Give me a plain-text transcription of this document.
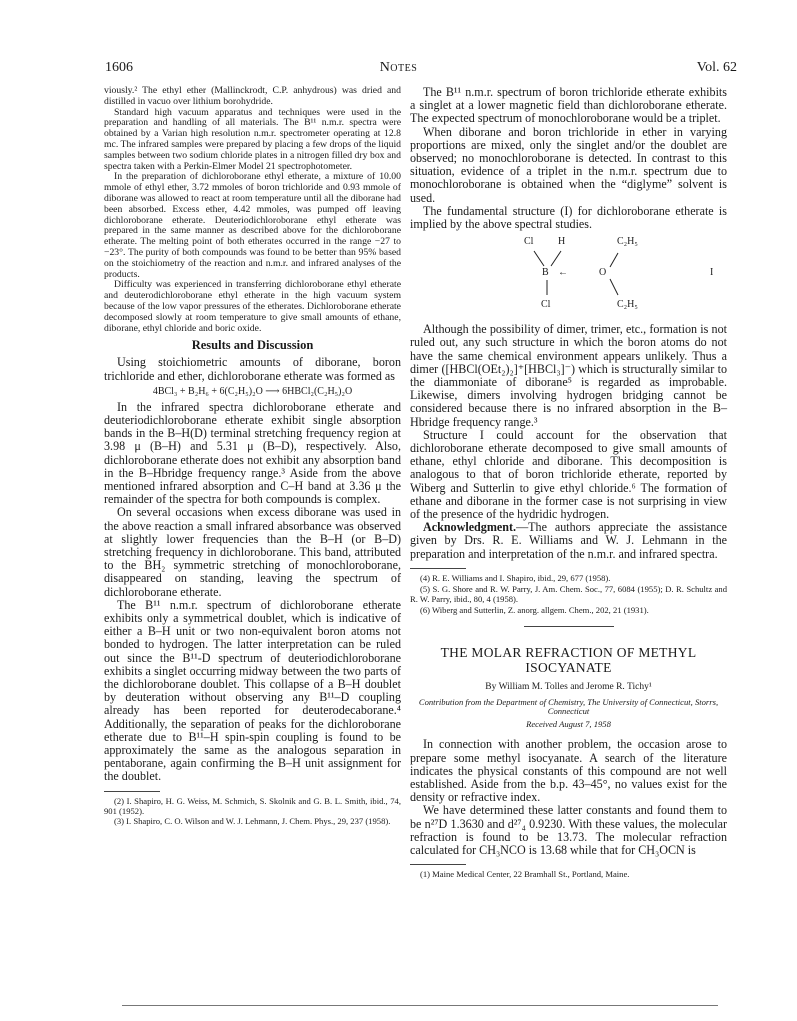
1606	Notes	Vol. 62

viously.² The ethyl ether (Mallinckrodt, C.P. anhydrous) was dried and distilled in vacuo over lithium borohydride.

Standard high vacuum apparatus and techniques were used in the preparation and handling of all materials. The B¹¹ n.m.r. spectra were obtained by a Varian high resolution n.m.r. spectrometer operating at 12.8 mc. The infrared samples were prepared by placing a few drops of the liquid samples between two sodium chloride plates in a nitrogen filled dry box and spectra taken with a Perkin-Elmer Model 21 spectrophotometer.

In the preparation of dichloroborane ethyl etherate, a mixture of 10.00 mmole of ethyl ether, 3.72 mmoles of boron trichloride and 0.93 mmole of diborane was allowed to react at room temperature until all the diborane had been absorbed. Excess ether, 4.42 mmoles, was pumped off leaving dichloroborane etherate. Deuteriodichloroborane ethyl etherate was prepared in the same manner as described above for the dichloroborane etherate. The melting point of both etherates occurred in the range −27 to −23°. The purity of both compounds was found to be better than 95% based on the stoichiometry of the reaction and n.m.r. and infrared analyses of the products.

Difficulty was experienced in transferring dichloroborane ethyl etherate and deuterodichloroborane ethyl etherate in the high vacuum system because of the low vapor pressures of the etherates. Dichloroborane etherate decomposed slowly at room temperature to give small amounts of ethane, diborane, ethyl chloride and boric oxide.

Results and Discussion

Using stoichiometric amounts of diborane, boron trichloride and ether, dichloroborane etherate was formed as

4BCl₃ + B₂H₆ + 6(C₂H₅)₂O ⟶ 6HBCl₂(C₂H₅)₂O

In the infrared spectra dichloroborane etherate and deuteriodichloroborane etherate exhibit single absorption bands in the B–H(D) terminal stretching frequency region at 3.98 μ (B–H) and 5.31 μ (B–D), respectively. Also, dichloroborane etherate does not exhibit any absorption band in the B–Hbridge frequency range.³ Aside from the above mentioned infrared absorption and C–H band at 3.36 μ the remainder of the spectra for both compounds is complex.

On several occasions when excess diborane was used in the above reaction a small infrared absorbance was observed at slightly lower frequencies than the B–H (or B–D) stretching frequency in dichloroborane. This band, attributed to the BH₂ symmetric stretching of monochloroborane, disappeared on standing, leaving the spectrum of dichloroborane etherate.

The B¹¹ n.m.r. spectrum of dichloroborane etherate exhibits only a symmetrical doublet, which is indicative of either a B–H unit or two non-equivalent boron atoms not bonded to hydrogen. The latter interpretation can be ruled out since the B¹¹-D spectrum of deuteriodichloroborane exhibits a singlet occurring midway between the two parts of the dichloroborane doublet. This collapse of a B–H doublet by deuteration without observing any B¹¹–D coupling already has been reported for deuterodecaborane.⁴ Additionally, the separation of peaks for the dichloroborane etherate due to B¹¹–H spin-spin coupling is found to be approximately the same as the analogous separation in pentaborane, again confirming the B–H unit assignment for the doublet.

(2) I. Shapiro, H. G. Weiss, M. Schmich, S. Skolnik and G. B. L. Smith, ibid., 74, 901 (1952).

(3) I. Shapiro, C. O. Wilson and W. J. Lehmann, J. Chem. Phys., 29, 237 (1958).

The B¹¹ n.m.r. spectrum of boron trichloride etherate exhibits a singlet at a lower magnetic field than dichloroborane etherate. The expected spectrum of monochloroborane would be a triplet.

When diborane and boron trichloride in ether in varying proportions are mixed, only the singlet and/or the doublet are observed; no monochloroborane is detected. In contrast to this situation, evidence of a triplet in the n.m.r. spectrum due to monochloroborane is obtained when the “diglyme” solvent is used.

The fundamental structure (I) for dichloroborane etherate is implied by the above spectral studies.

Cl H	C₂H₅
B ←	O	I
Cl	C₂H₅

Although the possibility of dimer, trimer, etc., formation is not ruled out, any such structure in which the boron atoms do not have the same chemical environment appears unlikely. Thus a dimer ([HBCl(OEt₂)₂]⁺[HBCl₃]⁻) which is structurally similar to the diammoniate of diborane⁵ is regarded as improbable. Likewise, dimers involving hydrogen bridging cannot be considered because there is no infrared absorption in the B–Hbridge frequency range.³

Structure I could account for the observation that dichloroborane etherate decomposed to give small amounts of ethane, ethyl chloride and diborane. This decomposition is analogous to that of boron trichloride etherate, reported by Wiberg and Sutterlin to give ethyl chloride.⁶ The formation of ethane and diborane in the former case is not surprising in view of the presence of the hydridic hydrogen.

Acknowledgment.—The authors appreciate the assistance given by Drs. R. E. Williams and W. J. Lehmann in the preparation and interpretation of the n.m.r. and infrared spectra.

(4) R. E. Williams and I. Shapiro, ibid., 29, 677 (1958).

(5) S. G. Shore and R. W. Parry, J. Am. Chem. Soc., 77, 6084 (1955); D. R. Schultz and R. W. Parry, ibid., 80, 4 (1958).

(6) Wiberg and Sutterlin, Z. anorg. allgem. Chem., 202, 21 (1931).

THE MOLAR REFRACTION OF METHYL ISOCYANATE
By William M. Tolles and Jerome R. Tichy¹
Contribution from the Department of Chemistry, The University of Connecticut, Storrs, Connecticut
Received August 7, 1958

In connection with another problem, the occasion arose to prepare some methyl isocyanate. A search of the literature indicates the physical constants of this compound are not well established. Aside from the b.p. 43–45°, no values exist for the density or refractive index.

We have determined these latter constants and found them to be n²⁷D 1.3630 and d²⁷₄ 0.9230. With these values, the molecular refraction is found to be 13.73. The molecular refraction calculated for CH₃NCO is 13.68 while that for CH₃OCN is

(1) Maine Medical Center, 22 Bramhall St., Portland, Maine.
